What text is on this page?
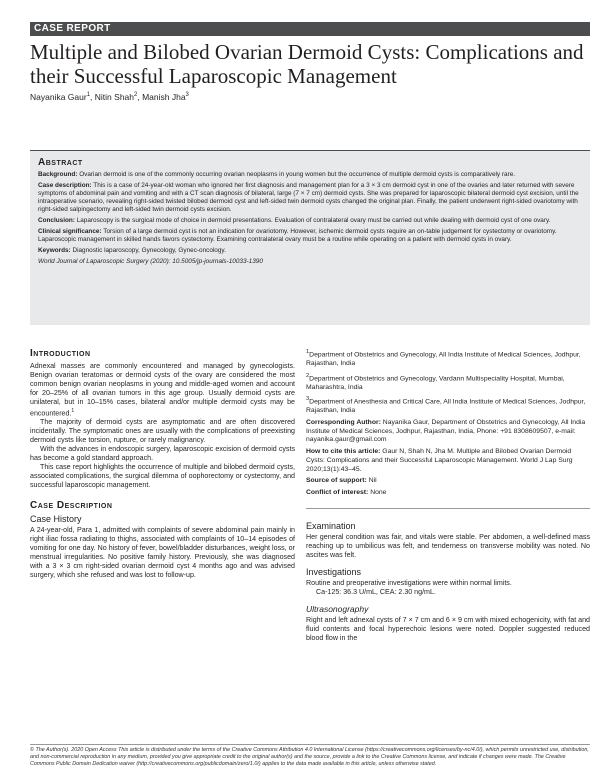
CASE REPORT
Multiple and Bilobed Ovarian Dermoid Cysts: Complications and their Successful Laparoscopic Management
Nayanika Gaur$^1$, Nitin Shah$^2$, Manish Jha$^3$
Abstract

Background: Ovarian dermoid is one of the commonly occurring ovarian neoplasms in young women but the occurrence of multiple dermoid cysts is comparatively rare.

Case description: This is a case of 24-year-old woman who ignored her first diagnosis and management plan for a 3 × 3 cm dermoid cyst in one of the ovaries and later returned with severe symptoms of abdominal pain and vomiting and with a CT scan diagnosis of bilateral, large (7 × 7 cm) dermoid cysts. She was prepared for laparoscopic bilateral dermoid cyst excision, until the intraoperative scenario, revealing right-sided twisted bilobed dermoid cyst and left-sided twin dermoid cysts changed the original plan. Finally, the patient underwent right-sided ovariotomy with right-sided salpingectomy and left-sided twin dermoid cysts excision.

Conclusion: Laparoscopy is the surgical mode of choice in dermoid presentations. Evaluation of contralateral ovary must be carried out while dealing with dermoid cyst of one ovary.

Clinical significance: Torsion of a large dermoid cyst is not an indication for ovariotomy. However, ischemic dermoid cysts require an on-table judgement for cystectomy or ovariotomy. Laparoscopic management in skilled hands favors cystectomy. Examining contralateral ovary must be a routine while operating on a patient with dermoid cysts in ovary.

Keywords: Diagnostic laparoscopy, Gynecology, Gynec-oncology.

World Journal of Laparoscopic Surgery (2020): 10.5005/jp-journals-10033-1390

Introduction

Adnexal masses are commonly encountered and managed by gynecologists. Benign ovarian teratomas or dermoid cysts of the ovary are considered the most common benign ovarian neoplasms in young and middle-aged women and account for 20–25% of all ovarian tumors in this age group. Usually dermoid cysts are unilateral, but in 10–15% cases, bilateral and/or multiple dermoid cysts may be encountered.$^1$

The majority of dermoid cysts are asymptomatic and are often discovered incidentally. The symptomatic ones are usually with the complications of preexisting dermoid cysts like torsion, rupture, or rarely malignancy.

With the advances in endoscopic surgery, laparoscopic excision of dermoid cysts has become a gold standard approach.

This case report highlights the occurrence of multiple and bilobed dermoid cysts, associated complications, the surgical dilemma of oophorectomy or cystectomy, and successful laparoscopic management.

Case Description
Case History

A 24-year-old, Para 1, admitted with complaints of severe abdominal pain mainly in right iliac fossa radiating to thighs, associated with complaints of 10–14 episodes of vomiting for one day. No history of fever, bowel/bladder disturbances, weight loss, or menstrual irregularities. No positive family history. Previously, she was diagnosed with a 3 × 3 cm right-sided ovarian dermoid cyst 4 months ago and was advised surgery, which she refused and was lost to follow-up.

$^1$Department of Obstetrics and Gynecology, All India Institute of Medical Sciences, Jodhpur, Rajasthan, India

$^2$Department of Obstetrics and Gynecology, Vardann Multispeciality Hospital, Mumbai, Maharashtra, India

$^3$Department of Anesthesia and Critical Care, All India Institute of Medical Sciences, Jodhpur, Rajasthan, India

Corresponding Author: Nayanika Gaur, Department of Obstetrics and Gynecology, All India Institute of Medical Sciences, Jodhpur, Rajasthan, India, Phone: +91 8308609507, e-mail: nayanika.gaur@gmail.com

How to cite this article: Gaur N, Shah N, Jha M. Multiple and Bilobed Ovarian Dermoid Cysts: Complications and their Successful Laparoscopic Management. World J Lap Surg 2020;13(1):43–45.

Source of support: Nil

Conflict of interest: None

Examination

Her general condition was fair, and vitals were stable. Per abdomen, a well-defined mass reaching up to umbilicus was felt, and tenderness on transverse mobility was noted. No ascites was felt.

Investigations

Routine and preoperative investigations were within normal limits.

Ca-125: 36.3 U/mL, CEA: 2.30 ng/mL.

Ultrasonography

Right and left adnexal cysts of 7 × 7 cm and 6 × 9 cm with mixed echogenicity, with fat and fluid contents and focal hyperechoic lesions were noted. Doppler suggested reduced blood flow in the

© The Author(s). 2020 Open Access This article is distributed under the terms of the Creative Commons Attribution 4.0 International License (https://creativecommons.org/licenses/by-nc/4.0/), which permits unrestricted use, distribution, and non-commercial reproduction in any medium, provided you give appropriate credit to the original author(s) and the source, provide a link to the Creative Commons license, and indicate if changes were made. The Creative Commons Public Domain Dedication waiver (http://creativecommons.org/publicdomain/zero/1.0/) applies to the data made available in this article, unless otherwise stated.
